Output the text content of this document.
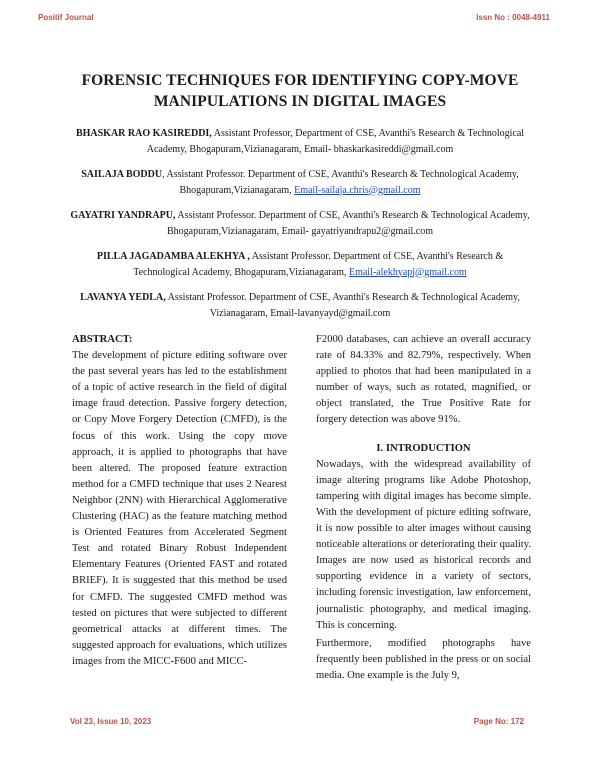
Positif Journal	Issn No : 0048-4911
FORENSIC TECHNIQUES FOR IDENTIFYING COPY-MOVE
MANIPULATIONS IN DIGITAL IMAGES
BHASKAR RAO KASIREDDI, Assistant Professor, Department of CSE, Avanthi's Research & Technological Academy, Bhogapuram,Vizianagaram, Email- bhaskarkasireddi@gmail.com
SAILAJA BODDU, Assistant Professor. Department of CSE, Avanthi's Research & Technological Academy, Bhogapuram,Vizianagaram, Email-sailaja.chris@gmail.com
GAYATRI YANDRAPU, Assistant Professor. Department of CSE, Avanthi's Research & Technological Academy, Bhogapuram,Vizianagaram, Email- gayatriyandrapu2@gmail.com
PILLA JAGADAMBA ALEKHYA , Assistant Professor. Department of CSE, Avanthi's Research & Technological Academy, Bhogapuram,Vizianagaram, Email-alekhyapj@gmail.com
LAVANYA YEDLA, Assistant Professor. Department of CSE, Avanthi's Research & Technological Academy, Vizianagaram, Email-lavanyayd@gmail.com

ABSTRACT:

The development of picture editing software over the past several years has led to the establishment of a topic of active research in the field of digital image fraud detection. Passive forgery detection, or Copy Move Forgery Detection (CMFD), is the focus of this work. Using the copy move approach, it is applied to photographs that have been altered. The proposed feature extraction method for a CMFD technique that uses 2 Nearest Neighbor (2NN) with Hierarchical Agglomerative Clustering (HAC) as the feature matching method is Oriented Features from Accelerated Segment Test and rotated Binary Robust Independent Elementary Features (Oriented FAST and rotated BRIEF). It is suggested that this method be used for CMFD. The suggested CMFD method was tested on pictures that were subjected to different geometrical attacks at different times. The suggested approach for evaluations, which utilizes images from the MICC-F600 and MICC-

F2000 databases, can achieve an overall accuracy rate of 84.33% and 82.79%, respectively. When applied to photos that had been manipulated in a number of ways, such as rotated, magnified, or object translated, the True Positive Rate for forgery detection was above 91%.

I. INTRODUCTION

Nowadays, with the widespread availability of image altering programs like Adobe Photoshop, tampering with digital images has become simple. With the development of picture editing software, it is now possible to alter images without causing noticeable alterations or deteriorating their quality. Images are now used as historical records and supporting evidence in a variety of sectors, including forensic investigation, law enforcement, journalistic photography, and medical imaging. This is concerning.

Furthermore, modified photographs have frequently been published in the press or on social media. One example is the July 9,

Vol 23, Issue 10, 2023	Page No: 172
